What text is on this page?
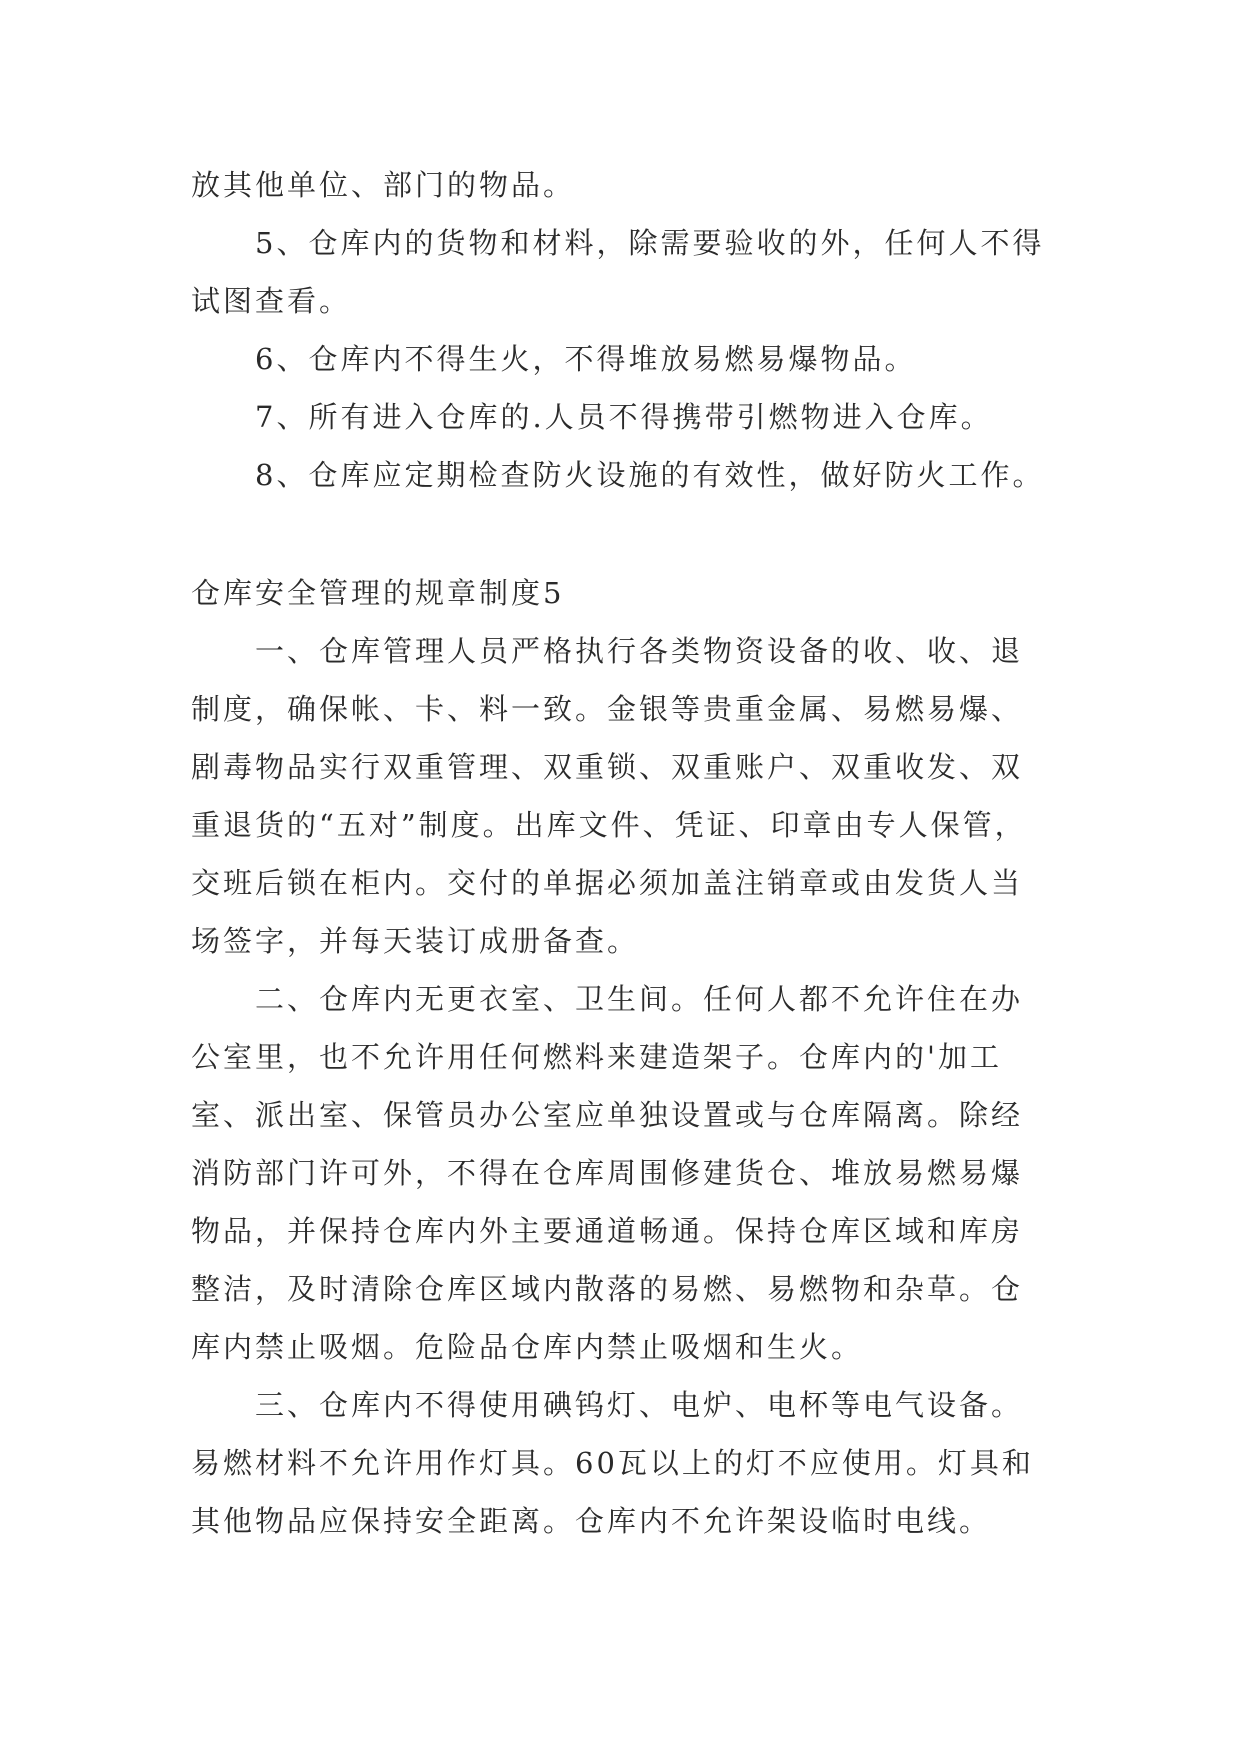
放其他单位、部门的物品。

5、仓库内的货物和材料，除需要验收的外，任何人不得试图查看。

6、仓库内不得生火，不得堆放易燃易爆物品。

7、所有进入仓库的.人员不得携带引燃物进入仓库。

8、仓库应定期检查防火设施的有效性，做好防火工作。

仓库安全管理的规章制度5

一、仓库管理人员严格执行各类物资设备的收、收、退制度，确保帐、卡、料一致。金银等贵重金属、易燃易爆、剧毒物品实行双重管理、双重锁、双重账户、双重收发、双重退货的“五对”制度。出库文件、凭证、印章由专人保管，交班后锁在柜内。交付的单据必须加盖注销章或由发货人当场签字，并每天装订成册备查。

二、仓库内无更衣室、卫生间。任何人都不允许住在办公室里，也不允许用任何燃料来建造架子。仓库内的'加工室、派出室、保管员办公室应单独设置或与仓库隔离。除经消防部门许可外，不得在仓库周围修建货仓、堆放易燃易爆物品，并保持仓库内外主要通道畅通。保持仓库区域和库房整洁，及时清除仓库区域内散落的易燃、易燃物和杂草。仓库内禁止吸烟。危险品仓库内禁止吸烟和生火。

三、仓库内不得使用碘钨灯、电炉、电杯等电气设备。易燃材料不允许用作灯具。60瓦以上的灯不应使用。灯具和其他物品应保持安全距离。仓库内不允许架设临时电线。
